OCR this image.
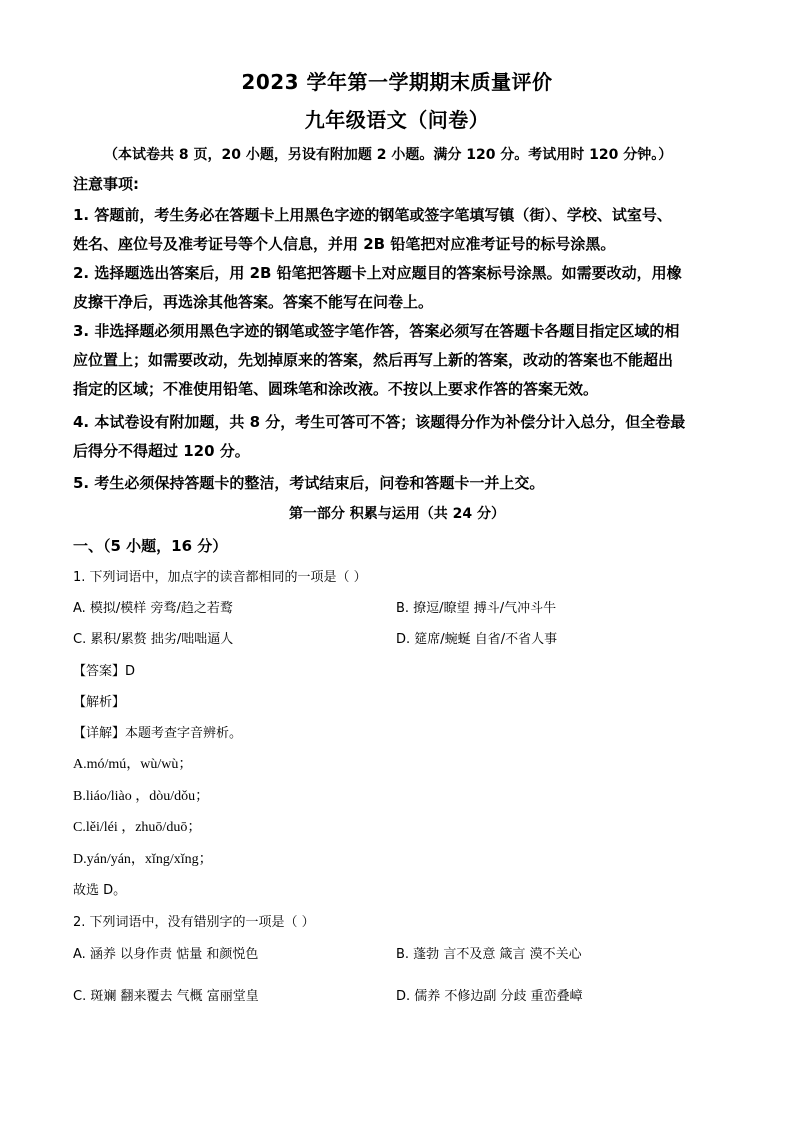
2023 学年第一学期期末质量评价
九年级语文（问卷）
（本试卷共 8 页，20 小题，另设有附加题 2 小题。满分 120 分。考试用时 120 分钟。）
注意事项:
1. 答题前，考生务必在答题卡上用黑色字迹的钢笔或签字笔填写镇（街）、学校、试室号、
姓名、座位号及准考证号等个人信息，并用 2B 铅笔把对应准考证号的标号涂黑。
2. 选择题选出答案后，用 2B 铅笔把答题卡上对应题目的答案标号涂黑。如需要改动，用橡
皮擦干净后，再选涂其他答案。答案不能写在问卷上。
3. 非选择题必须用黑色字迹的钢笔或签字笔作答，答案必须写在答题卡各题目指定区域的相
应位置上；如需要改动，先划掉原来的答案，然后再写上新的答案，改动的答案也不能超出
指定的区域；不准使用铅笔、圆珠笔和涂改液。不按以上要求作答的答案无效。
4. 本试卷设有附加题，共 8 分，考生可答可不答；该题得分作为补偿分计入总分，但全卷最
后得分不得超过 120 分。
5. 考生必须保持答题卡的整洁，考试结束后，问卷和答题卡一并上交。
第一部分 积累与运用（共 24 分）
一、（5 小题，16 分）
1. 下列词语中，加点字的读音都相同的一项是（ ）
A. 模拟/模样 旁骛/趋之若鹜	B. 撩逗/瞭望 搏斗/气冲斗牛
C. 累积/累赘 拙劣/咄咄逼人	D. 筵席/蜿蜒 自省/不省人事
【答案】D
【解析】
【详解】本题考查字音辨析。
A.mó/mú，wù/wù；
B.liáo/liào ，dòu/dǒu；
C.lěi/léi ，zhuō/duō；
D.yán/yán，xǐng/xǐng；
故选 D。
2. 下列词语中，没有错别字的一项是（ ）
A. 涵养 以身作责 惦量 和颜悦色	B. 蓬勃 言不及意 箴言 漠不关心
C. 斑斓 翻来覆去 气概 富丽堂皇	D. 儒养 不修边副 分歧 重峦叠嶂
